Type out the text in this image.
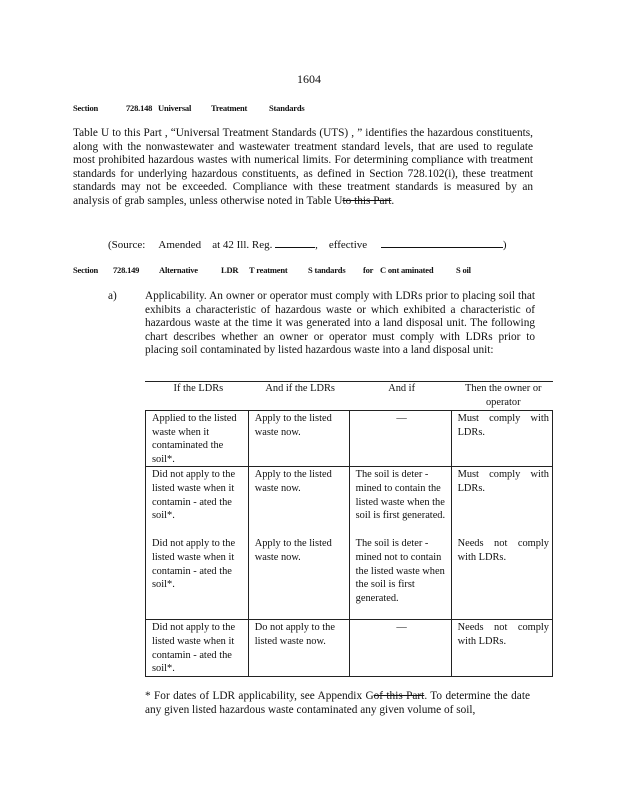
1604
Section	728.148 Universal Treatment	Standards
Table U to this Part , “Universal Treatment Standards (UTS) , ” identifies the hazardous constituents, along with the nonwastewater and wastewater treatment standard levels, that are used to regulate most prohibited hazardous wastes with numerical limits. For determining compliance with treatment standards for underlying hazardous constituents, as defined in Section 728.102(i), these treatment standards may not be exceeded. Compliance with these treatment standards is measured by an analysis of grab samples, unless otherwise noted in Table Uto this Part.
(Source: Amended at 42 Ill. Reg.	, effective	)
Section 728.149 Alternative	LDR T reatment S tandards for C ont aminated	S oil
a) Applicability. An owner or operator must comply with LDRs prior to placing soil that exhibits a characteristic of hazardous waste or which exhibited a characteristic of hazardous waste at the time it was generated into a land disposal unit. The following chart describes whether an owner or operator must comply with LDRs prior to placing soil contaminated by listed hazardous waste into a land disposal unit:
If the LDRs	And if the LDRs	And if	Then the owner or operator
Applied to the listed waste when it contaminated the soil*.	Apply to the listed waste now.	—	Must comply with LDRs.
Did not apply to the listed waste when it contamin - ated the soil*.	Apply to the listed waste now.	The soil is deter - mined to contain the listed waste when the soil is first generated.	Must comply with LDRs.
Did not apply to the listed waste when it contamin - ated the soil*.	Apply to the listed waste now.	The soil is deter - mined not to contain the listed waste when the soil is first generated.	Needs not comply with LDRs.
Did not apply to the listed waste when it contamin - ated the soil*.	Do not apply to the listed waste now.	—	Needs not comply with LDRs.
* For dates of LDR applicability, see Appendix Gof this Part. To determine the date any given listed hazardous waste contaminated any given volume of soil,
